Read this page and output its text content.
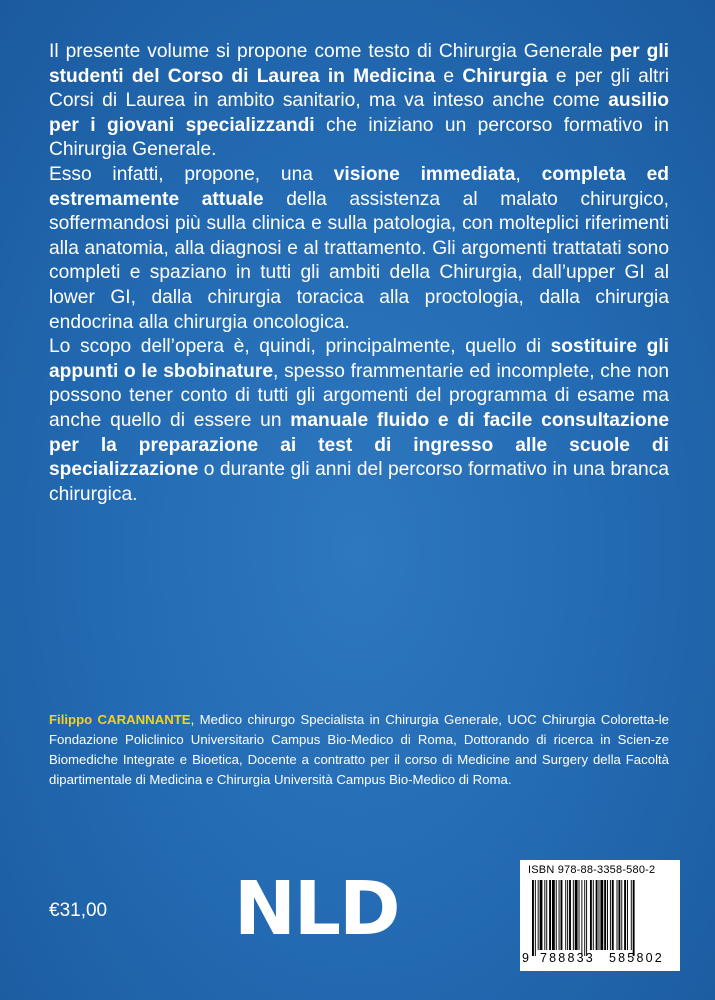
Il presente volume si propone come testo di Chirurgia Generale per gli studenti del Corso di Laurea in Medicina e Chirurgia e per gli altri Corsi di Laurea in ambito sanitario, ma va inteso anche come ausilio per i giovani specializzandi che iniziano un percorso formativo in Chirurgia Generale.

Esso infatti, propone, una visione immediata, completa ed estremamente attuale della assistenza al malato chirurgico, soffermandosi più sulla clinica e sulla patologia, con molteplici riferimenti alla anatomia, alla diagnosi e al trattamento. Gli argomenti trattatati sono completi e spaziano in tutti gli ambiti della Chirurgia, dall’upper GI al lower GI, dalla chirurgia toracica alla proctologia, dalla chirurgia endocrina alla chirurgia oncologica.

Lo scopo dell’opera è, quindi, principalmente, quello di sostituire gli appunti o le sbobinature, spesso frammentarie ed incomplete, che non possono tener conto di tutti gli argomenti del programma di esame ma anche quello di essere un manuale fluido e di facile consultazione per la preparazione ai test di ingresso alle scuole di specializzazione o durante gli anni del percorso formativo in una branca chirurgica.

Filippo CARANNANTE, Medico chirurgo Specialista in Chirurgia Generale, UOC Chirurgia Coloretta-le Fondazione Policlinico Universitario Campus Bio-Medico di Roma, Dottorando di ricerca in Scien-ze Biomediche Integrate e Bioetica, Docente a contratto per il corso di Medicine and Surgery della Facoltà dipartimentale di Medicina e Chirurgia Università Campus Bio-Medico di Roma.
€31,00 NLD	ISBN 978-88-3358-580-2
9 788833 585802
